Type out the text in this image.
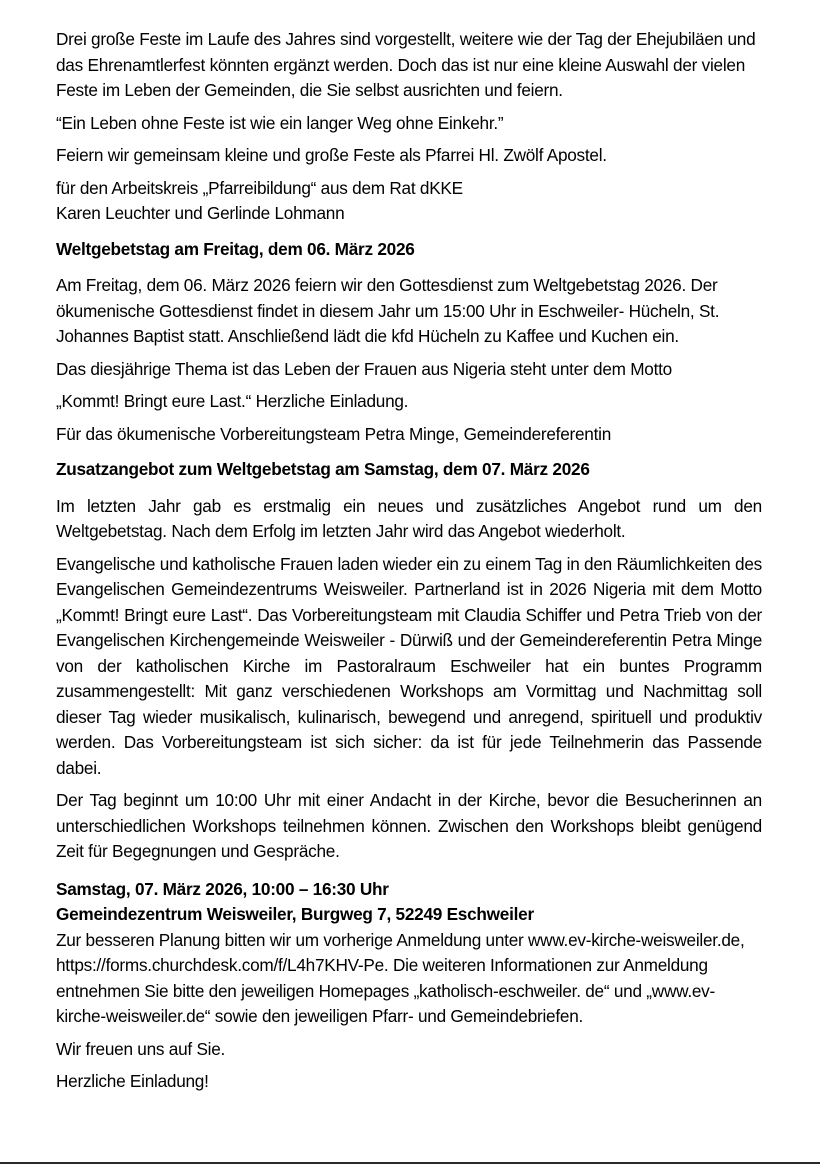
Drei große Feste im Laufe des Jahres sind vorgestellt, weitere wie der Tag der Ehejubiläen und das Ehrenamtlerfest könnten ergänzt werden. Doch das ist nur eine kleine Auswahl der vielen Feste im Leben der Gemeinden, die Sie selbst ausrichten und feiern.

“Ein Leben ohne Feste ist wie ein langer Weg ohne Einkehr.”

Feiern wir gemeinsam kleine und große Feste als Pfarrei Hl. Zwölf Apostel.

für den Arbeitskreis „Pfarreibildung“ aus dem Rat dKKE
Karen Leuchter und Gerlinde Lohmann

Weltgebetstag am Freitag, dem 06. März 2026

Am Freitag, dem 06. März 2026 feiern wir den Gottesdienst zum Weltgebetstag 2026. Der ökumenische Gottesdienst findet in diesem Jahr um 15:00 Uhr in Eschweiler- Hücheln, St. Johannes Baptist statt. Anschließend lädt die kfd Hücheln zu Kaffee und Kuchen ein.

Das diesjährige Thema ist das Leben der Frauen aus Nigeria steht unter dem Motto

„Kommt! Bringt eure Last.“ Herzliche Einladung.

Für das ökumenische Vorbereitungsteam Petra Minge, Gemeindereferentin

Zusatzangebot zum Weltgebetstag am Samstag, dem 07. März 2026

Im letzten Jahr gab es erstmalig ein neues und zusätzliches Angebot rund um den Weltgebetstag. Nach dem Erfolg im letzten Jahr wird das Angebot wiederholt.

Evangelische und katholische Frauen laden wieder ein zu einem Tag in den Räumlichkeiten des Evangelischen Gemeindezentrums Weisweiler. Partnerland ist in 2026 Nigeria mit dem Motto „Kommt! Bringt eure Last“. Das Vorbereitungsteam mit Claudia Schiffer und Petra Trieb von der Evangelischen Kirchengemeinde Weisweiler - Dürwiß und der Gemeindereferentin Petra Minge von der katholischen Kirche im Pastoralraum Eschweiler hat ein buntes Programm zusammengestellt: Mit ganz verschiedenen Workshops am Vormittag und Nachmittag soll dieser Tag wieder musikalisch, kulinarisch, bewegend und anregend, spirituell und produktiv werden. Das Vorbereitungsteam ist sich sicher: da ist für jede Teilnehmerin das Passende dabei.

Der Tag beginnt um 10:00 Uhr mit einer Andacht in der Kirche, bevor die Besucherinnen an unterschiedlichen Workshops teilnehmen können. Zwischen den Workshops bleibt genügend Zeit für Begegnungen und Gespräche.

Samstag, 07. März 2026, 10:00 – 16:30 Uhr
Gemeindezentrum Weisweiler, Burgweg 7, 52249 Eschweiler
Zur besseren Planung bitten wir um vorherige Anmeldung unter www.ev-kirche-weisweiler.de, https://forms.churchdesk.com/f/L4h7KHV-Pe. Die weiteren Informationen zur Anmeldung entnehmen Sie bitte den jeweiligen Homepages „katholisch-eschweiler. de“ und „www.ev-kirche-weisweiler.de“ sowie den jeweiligen Pfarr- und Gemeindebriefen.

Wir freuen uns auf Sie.

Herzliche Einladung!
